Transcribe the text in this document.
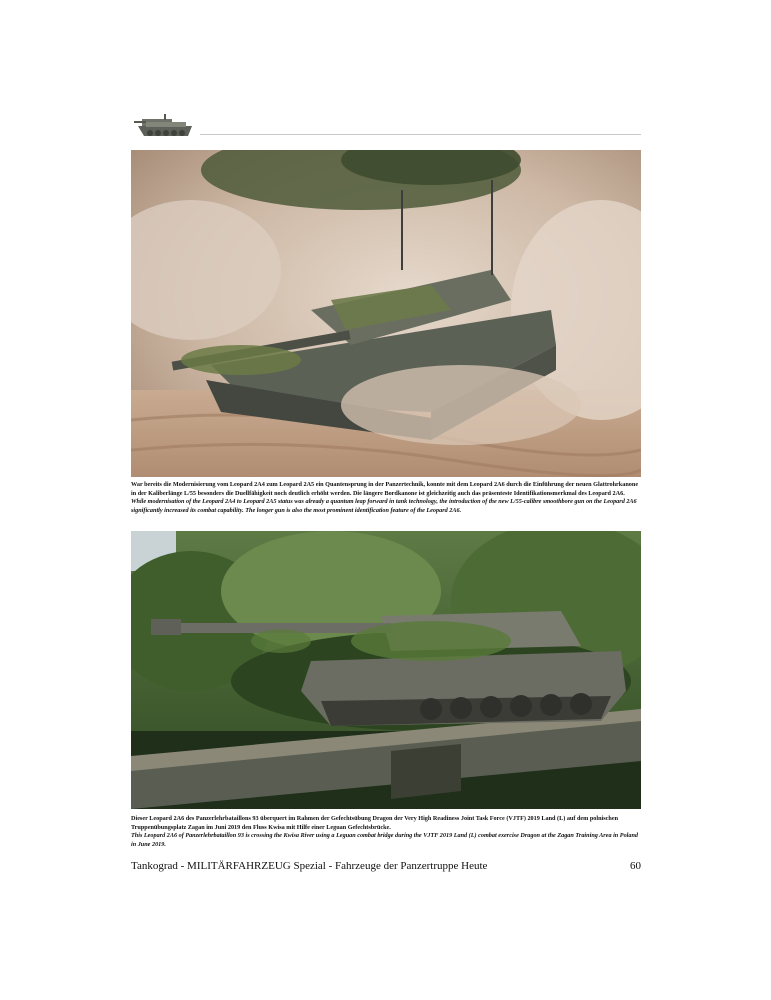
War bereits die Modernisierung vom Leopard 2A4 zum Leopard 2A5 ein Quantensprung in der Panzertechnik, konnte mit dem Leopard 2A6 durch die Einführung der neuen Glattrohrkanone in der Kaliberlänge L/55 besonders die Duellfähigkeit noch deutlich erhöht werden. Die längere Bordkanone ist gleichzeitig auch das präsenteste Identifikationsmerkmal des Leopard 2A6.

While modernisation of the Leopard 2A4 to Leopard 2A5 status was already a quantum leap forward in tank technology, the introduction of the new L/55-calibre smoothbore gun on the Leopard 2A6 significantly increased its combat capability. The longer gun is also the most prominent identification feature of the Leopard 2A6.

Dieser Leopard 2A6 des Panzerlehrbataillons 93 überquert im Rahmen der Gefechtsübung Dragon der Very High Readiness Joint Task Force (VJTF) 2019 Land (L) auf dem polnischen Truppenübungsplatz Zagan im Juni 2019 den Fluss Kwisa mit Hilfe einer Leguan Gefechtsbrücke.

This Leopard 2A6 of Panzerlehrbataillon 93 is crossing the Kwisa River using a Leguan combat bridge during the VJTF 2019 Land (L) combat exercise Dragon at the Zagan Training Area in Poland in June 2019.

Tankograd - MILITÄRFAHRZEUG Spezial - Fahrzeuge der Panzertruppe Heute	60
